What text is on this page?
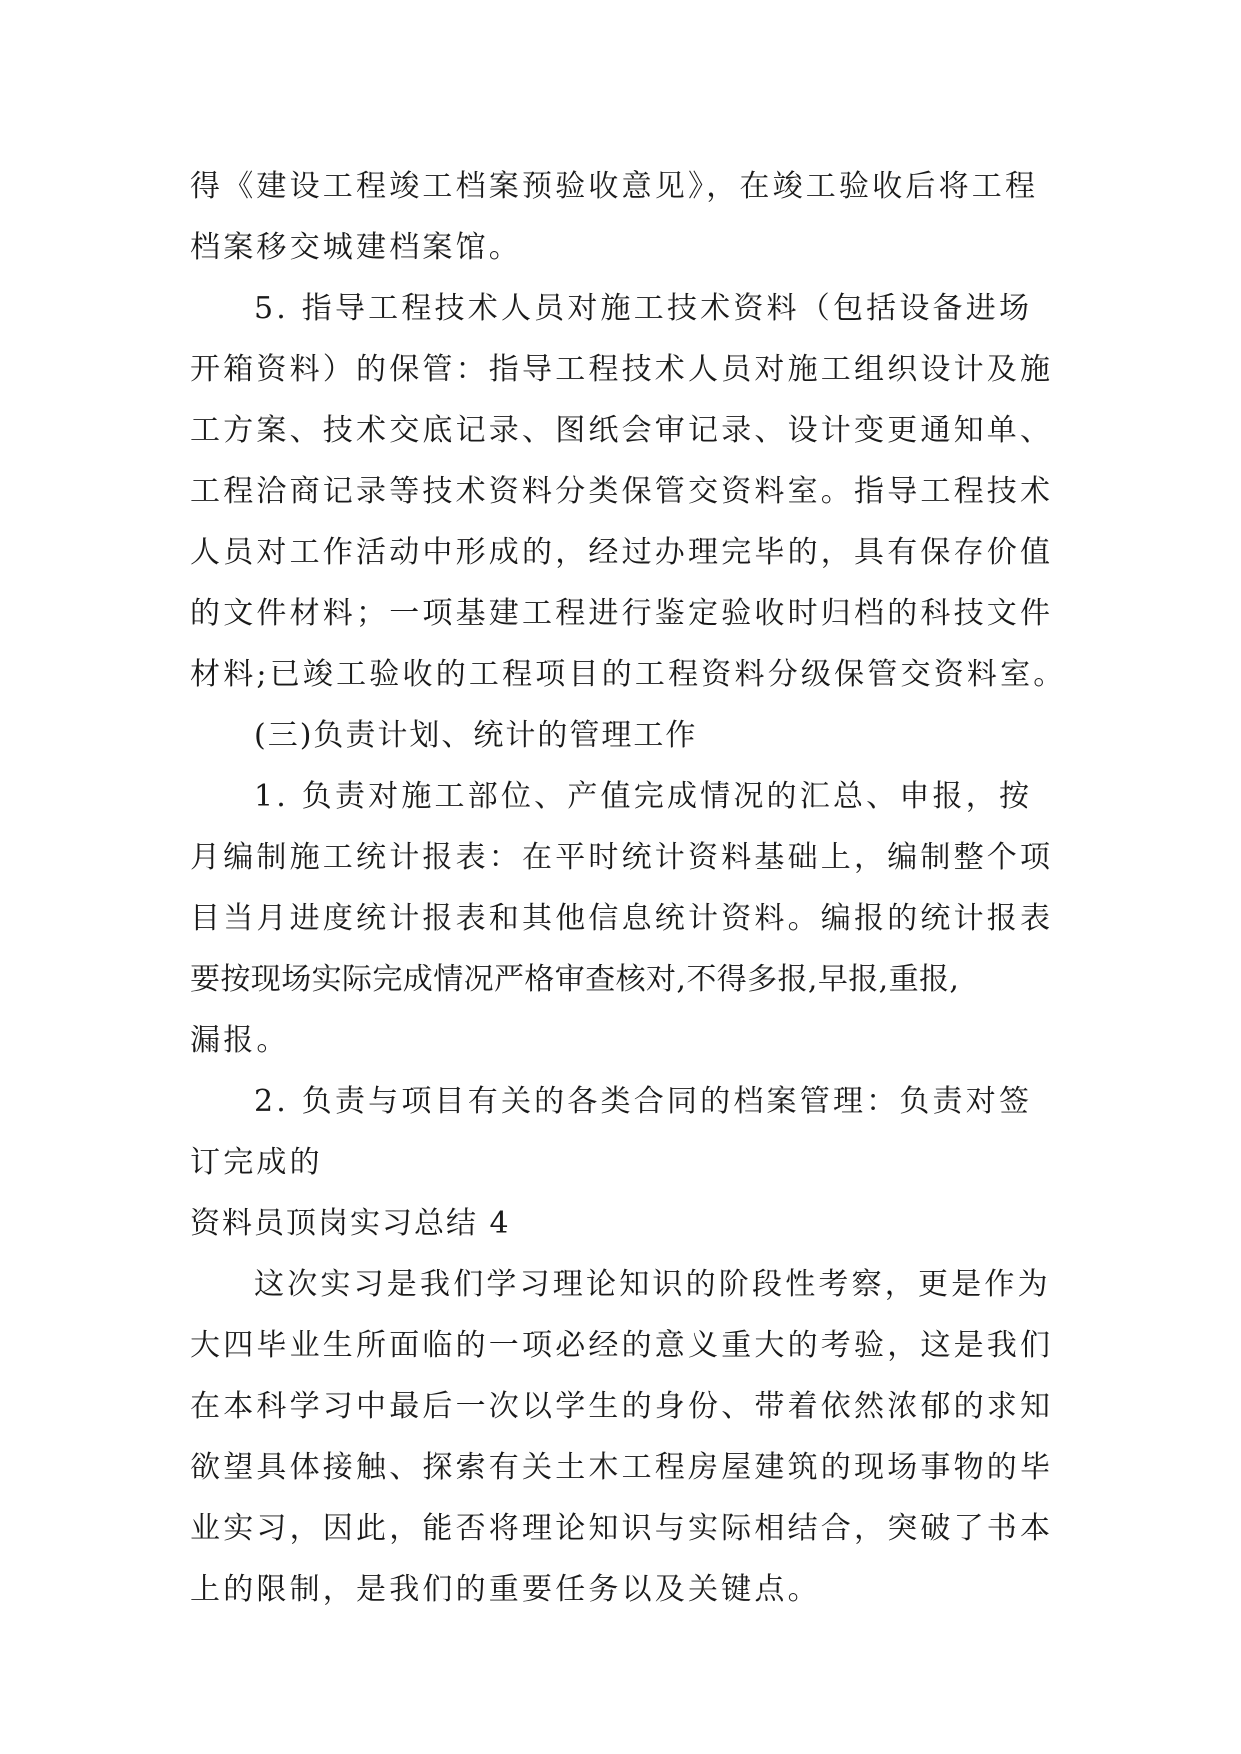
得《建设工程竣工档案预验收意见》，在竣工验收后将工程
档案移交城建档案馆。
5. 指导工程技术人员对施工技术资料（包括设备进场
开箱资料）的保管：指导工程技术人员对施工组织设计及施
工方案、技术交底记录、图纸会审记录、设计变更通知单、
工程洽商记录等技术资料分类保管交资料室。指导工程技术
人员对工作活动中形成的，经过办理完毕的，具有保存价值
的文件材料；一项基建工程进行鉴定验收时归档的科技文件
材料;已竣工验收的工程项目的工程资料分级保管交资料室。
(三)负责计划、统计的管理工作
1. 负责对施工部位、产值完成情况的汇总、申报，按
月编制施工统计报表：在平时统计资料基础上，编制整个项
目当月进度统计报表和其他信息统计资料。编报的统计报表
要按现场实际完成情况严格审查核对,不得多报,早报,重报,
漏报。
2. 负责与项目有关的各类合同的档案管理：负责对签
订完成的
资料员顶岗实习总结 4
这次实习是我们学习理论知识的阶段性考察，更是作为
大四毕业生所面临的一项必经的意义重大的考验，这是我们
在本科学习中最后一次以学生的身份、带着依然浓郁的求知
欲望具体接触、探索有关土木工程房屋建筑的现场事物的毕
业实习，因此，能否将理论知识与实际相结合，突破了书本
上的限制，是我们的重要任务以及关键点。
